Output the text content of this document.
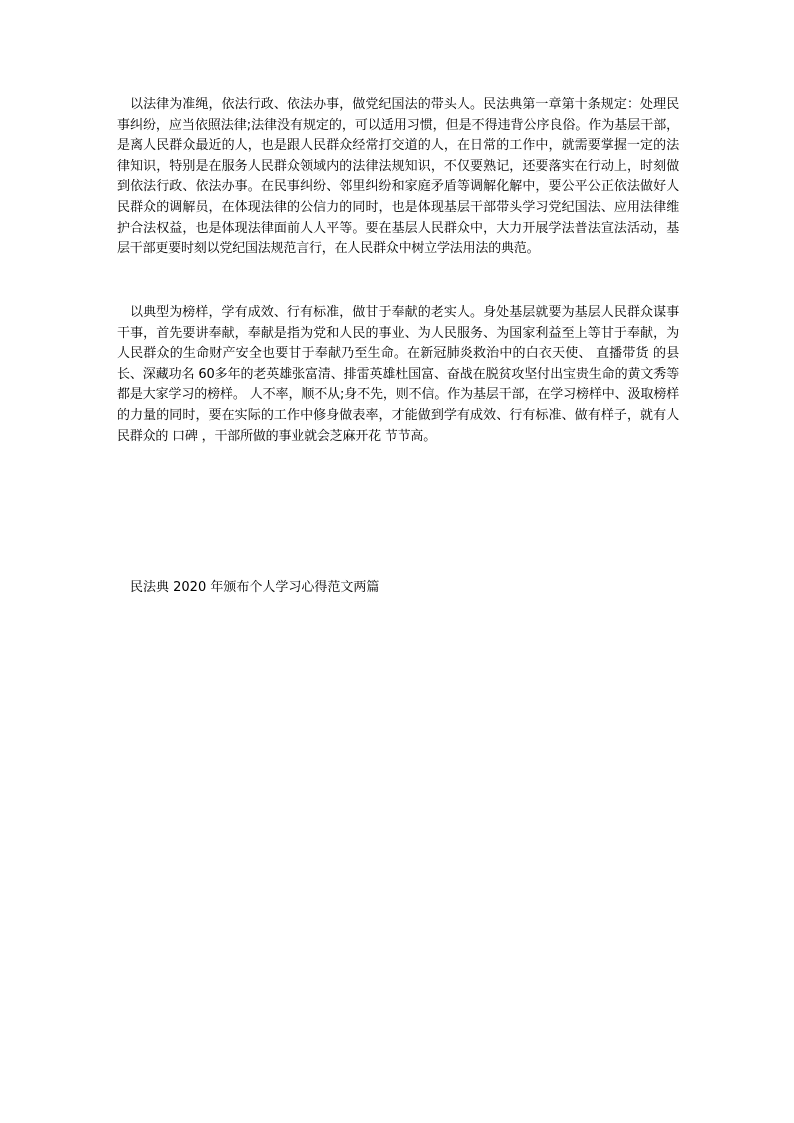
以法律为准绳，依法行政、依法办事，做党纪国法的带头人。民法典第一章第十条规定：处理民事纠纷，应当依照法律;法律没有规定的，可以适用习惯，但是不得违背公序良俗。作为基层干部，是离人民群众最近的人，也是跟人民群众经常打交道的人，在日常的工作中，就需要掌握一定的法律知识，特别是在服务人民群众领域内的法律法规知识，不仅要熟记，还要落实在行动上，时刻做到依法行政、依法办事。在民事纠纷、邻里纠纷和家庭矛盾等调解化解中，要公平公正依法做好人民群众的调解员，在体现法律的公信力的同时，也是体现基层干部带头学习党纪国法、应用法律维护合法权益，也是体现法律面前人人平等。要在基层人民群众中，大力开展学法普法宣法活动，基层干部更要时刻以党纪国法规范言行，在人民群众中树立学法用法的典范。

以典型为榜样，学有成效、行有标准，做甘于奉献的老实人。身处基层就要为基层人民群众谋事干事，首先要讲奉献，奉献是指为党和人民的事业、为人民服务、为国家利益至上等甘于奉献，为人民群众的生命财产安全也要甘于奉献乃至生命。在新冠肺炎救治中的白衣天使、 直播带货 的县长、深藏功名 60多年的老英雄张富清、排雷英雄杜国富、奋战在脱贫攻坚付出宝贵生命的黄文秀等都是大家学习的榜样。 人不率，顺不从;身不先，则不信。作为基层干部，在学习榜样中、汲取榜样的力量的同时，要在实际的工作中修身做表率，才能做到学有成效、行有标准、做有样子，就有人民群众的 口碑 ，干部所做的事业就会芝麻开花 节节高。

民法典 2020 年颁布个人学习心得范文两篇
